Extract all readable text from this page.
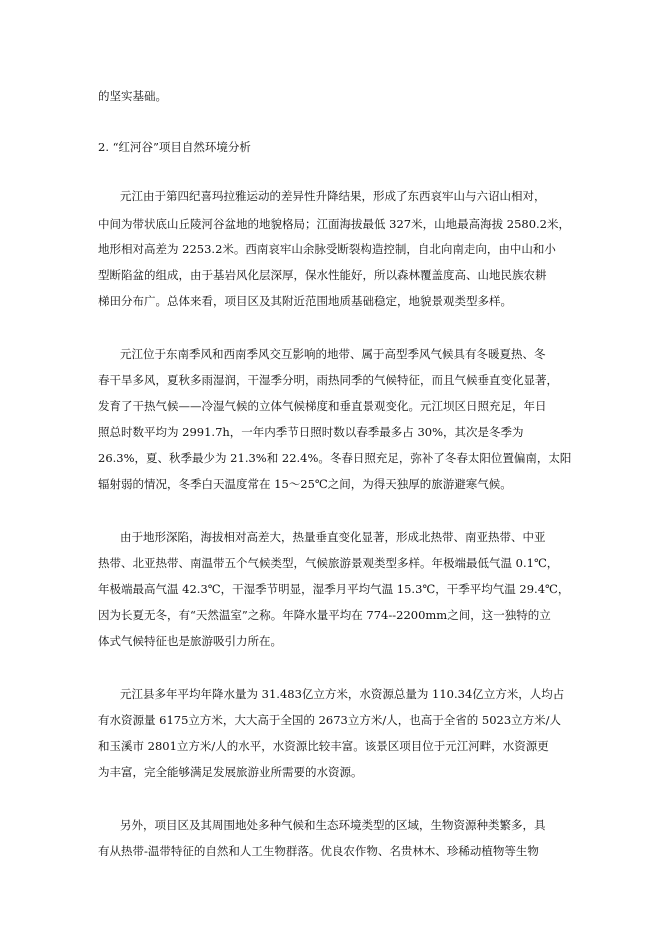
的坚实基础。
2. “红河谷”项目自然环境分析
元江由于第四纪喜玛拉雅运动的差异性升降结果，形成了东西哀牢山与六诏山相对，
中间为带状底山丘陵河谷盆地的地貌格局；江面海拔最低 327米，山地最高海拔 2580.2米，
地形相对高差为 2253.2米。西南哀牢山余脉受断裂构造控制，自北向南走向，由中山和小
型断陷盆的组成，由于基岩风化层深厚，保水性能好，所以森林覆盖度高、山地民族农耕
梯田分布广。总体来看，项目区及其附近范围地质基础稳定，地貌景观类型多样。
元江位于东南季风和西南季风交互影响的地带、属于高型季风气候具有冬暖夏热、冬
春干旱多风，夏秋多雨湿润，干湿季分明，雨热同季的气候特征，而且气候垂直变化显著，
发育了干热气候——冷湿气候的立体气候梯度和垂直景观变化。元江坝区日照充足，年日
照总时数平均为 2991.7h，一年内季节日照时数以春季最多占 30%，其次是冬季为
26.3%，夏、秋季最少为 21.3%和 22.4%。冬春日照充足，弥补了冬春太阳位置偏南，太阳
辐射弱的情况，冬季白天温度常在 15～25℃之间，为得天独厚的旅游避寒气候。
由于地形深陷，海拔相对高差大，热量垂直变化显著，形成北热带、南亚热带、中亚
热带、北亚热带、南温带五个气候类型，气候旅游景观类型多样。年极端最低气温 0.1℃，
年极端最高气温 42.3℃，干湿季节明显，湿季月平均气温 15.3℃，干季平均气温 29.4℃，
因为长夏无冬，有“天然温室”之称。年降水量平均在 774--2200mm之间，这一独特的立
体式气候特征也是旅游吸引力所在。
元江县多年平均年降水量为 31.483亿立方米，水资源总量为 110.34亿立方米，人均占
有水资源量 6175立方米，大大高于全国的 2673立方米/人，也高于全省的 5023立方米/人
和玉溪市 2801立方米/人的水平，水资源比较丰富。该景区项目位于元江河畔，水资源更
为丰富，完全能够满足发展旅游业所需要的水资源。
另外，项目区及其周围地处多种气候和生态环境类型的区域，生物资源种类繁多，具
有从热带-温带特征的自然和人工生物群落。优良农作物、名贵林木、珍稀动植物等生物
